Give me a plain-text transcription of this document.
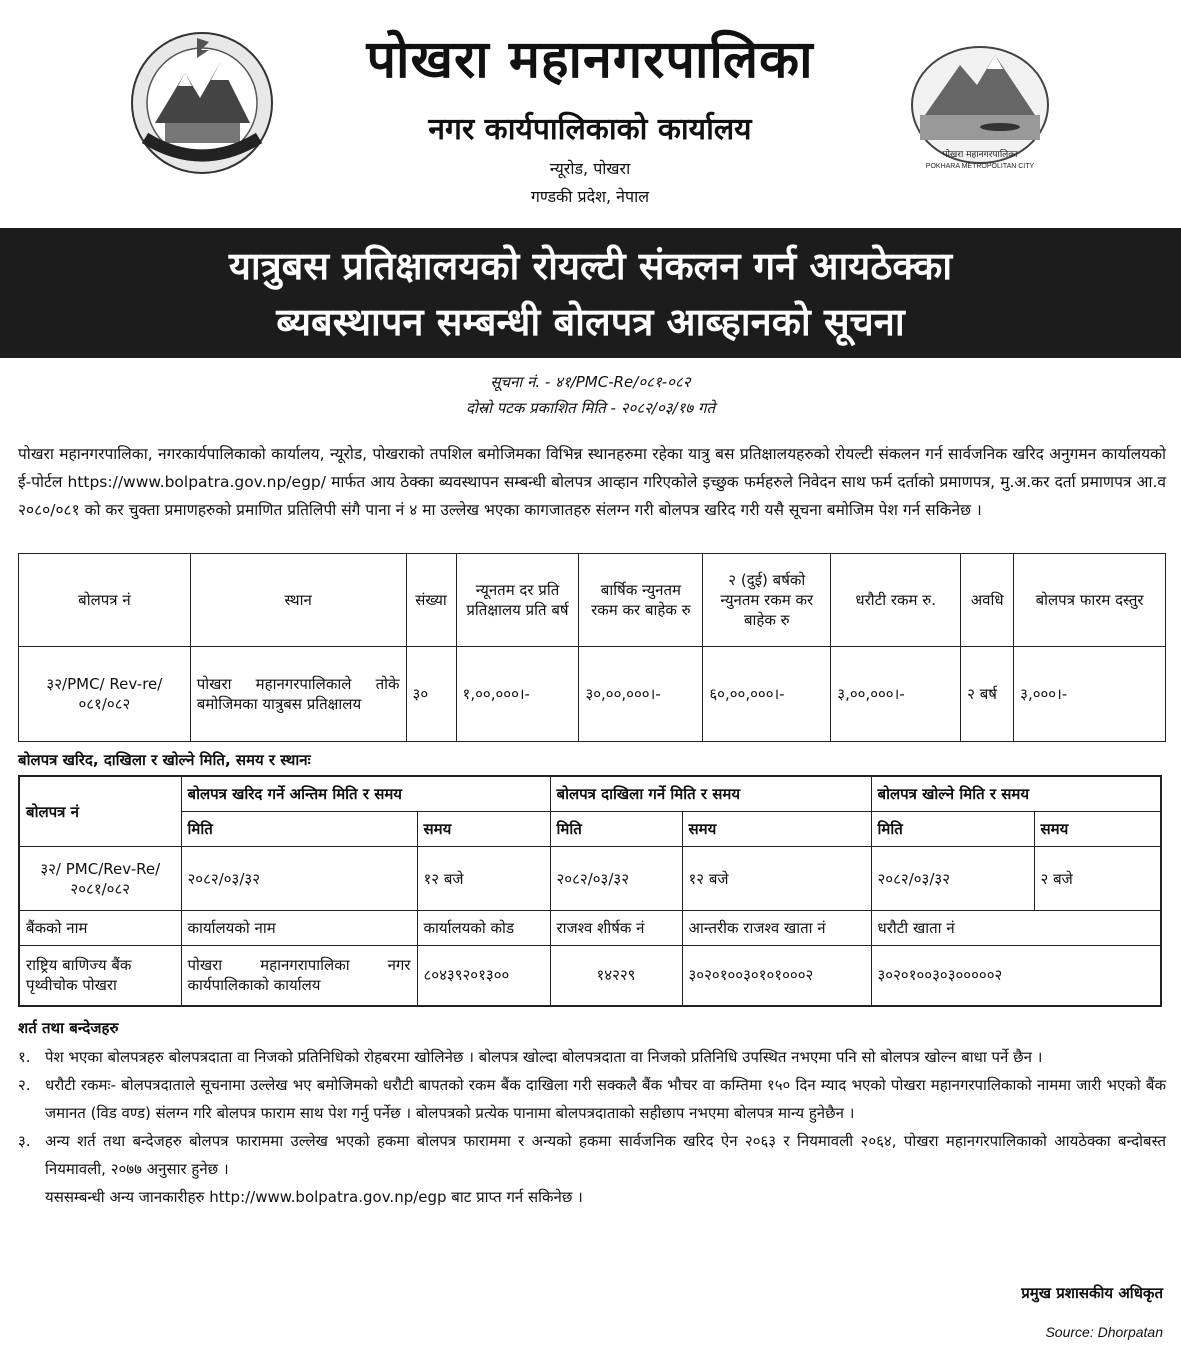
पोखरा महानगरपालिका
नगर कार्यपालिकाको कार्यालय
न्यूरोड, पोखरा
गण्डकी प्रदेश, नेपाल
पोखरा महानगरपालिका
POKHARA METROPOLITAN CITY
यात्रुबस प्रतिक्षालयको रोयल्टी संकलन गर्न आयठेक्का
ब्यबस्थापन सम्बन्धी बोलपत्र आब्हानको सूचना
सूचना नं. - ४१/PMC-Re/०८१-०८२
दोस्रो पटक प्रकाशित मिति - २०८२/०३/१७ गते
पोखरा महानगरपालिका, नगरकार्यपालिकाको कार्यालय, न्यूरोड, पोखराको तपशिल बमोजिमका विभिन्न स्थानहरुमा रहेका यात्रु बस प्रतिक्षालयहरुको रोयल्टी संकलन गर्न सार्वजनिक खरिद अनुगमन कार्यालयको ई-पोर्टल https://www.bolpatra.gov.np/egp/ मार्फत आय ठेक्का ब्यवस्थापन सम्बन्धी बोलपत्र आव्हान गरिएकोले इच्छुक फर्महरुले निवेदन साथ फर्म दर्ताको प्रमाणपत्र, मु.अ.कर दर्ता प्रमाणपत्र आ.व २०८०/०८१ को कर चुक्ता प्रमाणहरुको प्रमाणित प्रतिलिपी संगै पाना नं ४ मा उल्लेख भएका कागजातहरु संलग्न गरी बोलपत्र खरिद गरी यसै सूचना बमोजिम पेश गर्न सकिनेछ ।
बोलपत्र नं	स्थान	संख्या	न्यूनतम दर प्रति प्रतिक्षालय प्रति बर्ष	बार्षिक न्युनतम रकम कर बाहेक रु	२ (दुई) बर्षको न्युनतम रकम कर बाहेक रु	धरौटी रकम रु.	अवधि	बोलपत्र फारम दस्तुर
३२/PMC/ Rev-re/०८१/०८२	पोखरा महानगरपालिकाले तोके बमोजिमका यात्रुबस प्रतिक्षालय	३०	१,००,०००।-	३०,००,०००।-	६०,००,०००।-	३,००,०००।-	२ बर्ष	३,०००।-
बोलपत्र खरिद, दाखिला र खोल्ने मिति, समय र स्थानः
बोलपत्र नं	बोलपत्र खरिद गर्ने अन्तिम मिति र समय		बोलपत्र दाखिला गर्ने मिति र समय		बोलपत्र खोल्ने मिति र समय	
	मिति	समय	मिति	समय	मिति	समय
३२/ PMC/Rev-Re/२०८१/०८२	२०८२/०३/३२	१२ बजे	२०८२/०३/३२	१२ बजे	२०८२/०३/३२	२ बजे
बैंकको नाम	कार्यालयको नाम	कार्यालयको कोड	राजश्व शीर्षक नं	आन्तरीक राजश्व खाता नं	धरौटी खाता नं	
राष्ट्रिय बाणिज्य बैंक पृथ्वीचोक पोखरा	पोखरा महानगरापालिका नगर कार्यपालिकाको कार्यालय	८०४३९२०१३००	१४२२९	३०२०१००३०१०१०००२	३०२०१००३०३०००००२	
शर्त तथा बन्देजहरु
१. पेश भएका बोलपत्रहरु बोलपत्रदाता वा निजको प्रतिनिधिको रोहबरमा खोलिनेछ । बोलपत्र खोल्दा बोलपत्रदाता वा निजको प्रतिनिधि उपस्थित नभएमा पनि सो बोलपत्र खोल्न बाधा पर्ने छैन ।
२. धरौटी रकमः- बोलपत्रदाताले सूचनामा उल्लेख भए बमोजिमको धरौटी बापतको रकम बैंक दाखिला गरी सक्कलै बैंक भौचर वा कम्तिमा १५० दिन म्याद भएको पोखरा महानगरपालिकाको नाममा जारी भएको बैंक जमानत (विड वण्ड) संलग्न गरि बोलपत्र फाराम साथ पेश गर्नु पर्नेछ । बोलपत्रको प्रत्येक पानामा बोलपत्रदाताको सहीछाप नभएमा बोलपत्र मान्य हुनेछैन ।
३. अन्य शर्त तथा बन्देजहरु बोलपत्र फाराममा उल्लेख भएको हकमा बोलपत्र फाराममा र अन्यको हकमा सार्वजनिक खरिद ऐन २०६३ र नियमावली २०६४, पोखरा महानगरपालिकाको आयठेक्का बन्दोबस्त नियमावली, २०७७ अनुसार हुनेछ ।
यससम्बन्धी अन्य जानकारीहरु http://www.bolpatra.gov.np/egp बाट प्राप्त गर्न सकिनेछ ।
प्रमुख प्रशासकीय अधिकृत
Source: Dhorpatan
